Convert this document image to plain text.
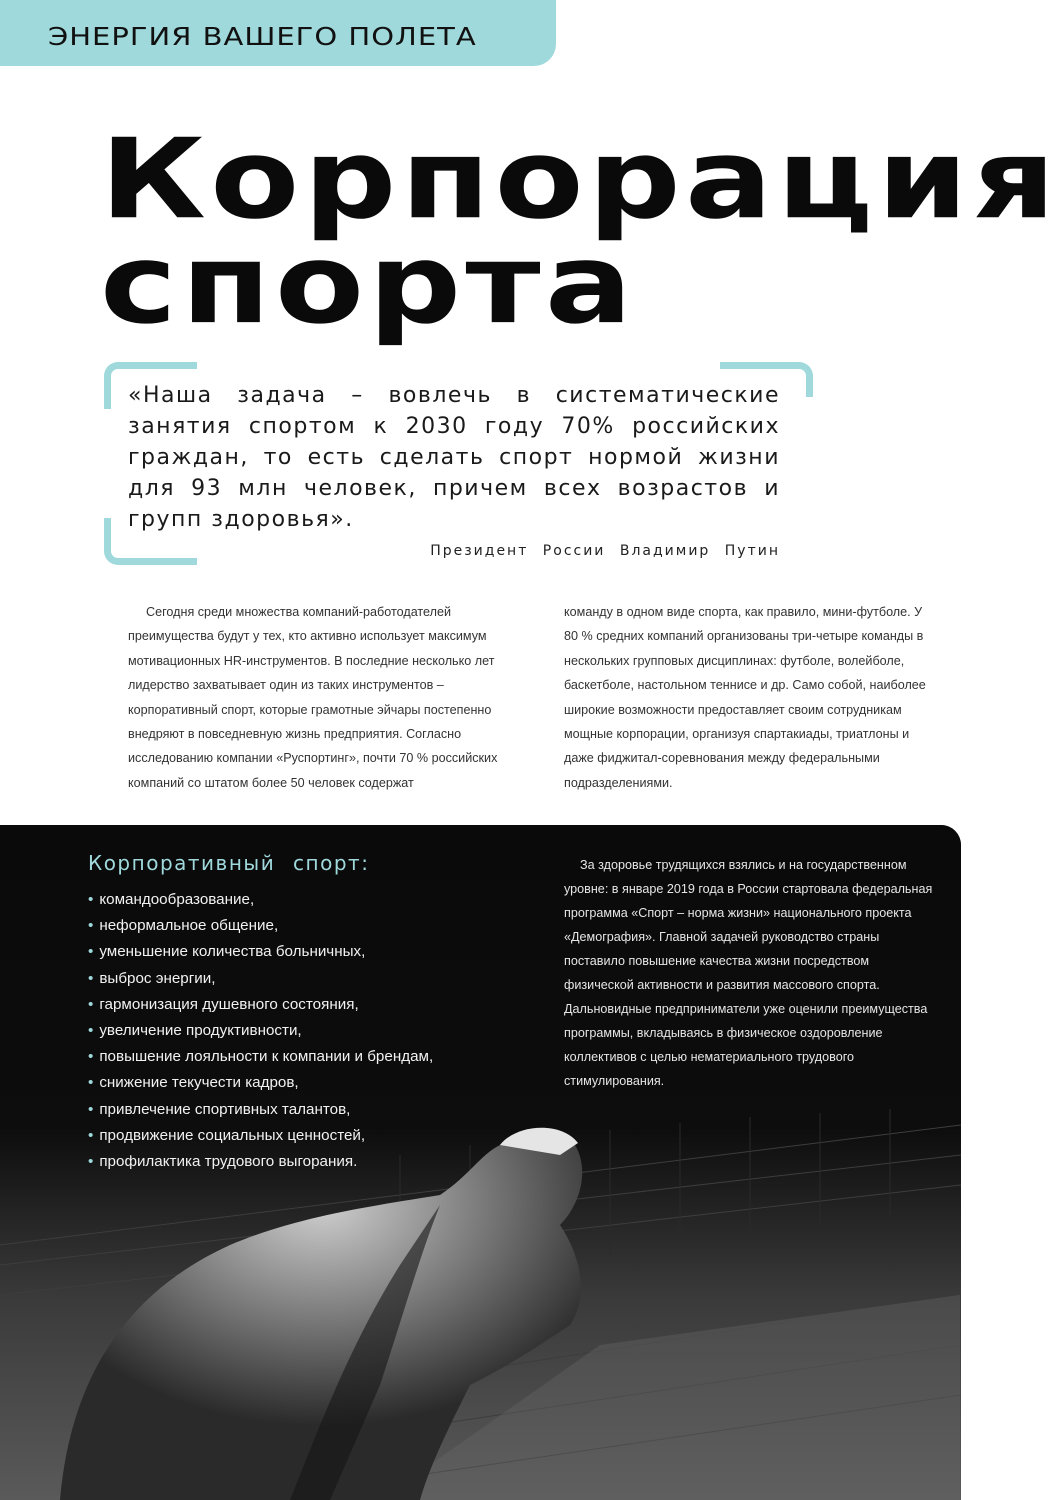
ЭНЕРГИЯ ВАШЕГО ПОЛЕТА
Корпорация
спорта

«Наша задача – вовлечь в систематические занятия спортом к 2030 году 70% российских граждан, то есть сделать спорт нормой жизни для 93 млн человек, причем всех возрастов и групп здоровья».

Президент России Владимир Путин

Сегодня среди множества компаний-работодателей преимущества будут у тех, кто активно использует максимум мотивационных HR-инструментов. В последние несколько лет лидерство захватывает один из таких инструментов – корпоративный спорт, которые грамотные эйчары постепенно внедряют в повседневную жизнь предприятия. Согласно исследованию компании «Руспортинг», почти 70 % российских компаний со штатом более 50 человек содержат

команду в одном виде спорта, как правило, мини-футболе. У 80 % средних компаний организованы три-четыре команды в нескольких групповых дисциплинах: футболе, волейболе, баскетболе, настольном теннисе и др. Само собой, наиболее широкие возможности предоставляет своим сотрудникам мощные корпорации, организуя спартакиады, триатлоны и даже фиджитал-соревнования между федеральными подразделениями.

Корпоративный спорт:
• командообразование,
• неформальное общение,
• уменьшение количества больничных,
• выброс энергии,
• гармонизация душевного состояния,
• увеличение продуктивности,
• повышение лояльности к компании и брендам,
• снижение текучести кадров,
• привлечение спортивных талантов,
• продвижение социальных ценностей,
• профилактика трудового выгорания.

За здоровье трудящихся взялись и на государственном уровне: в январе 2019 года в России стартовала федеральная программа «Спорт – норма жизни» национального проекта «Демография». Главной задачей руководство страны поставило повышение качества жизни посредством физической активности и развития массового спорта. Дальновидные предприниматели уже оценили преимущества программы, вкладываясь в физическое оздоровление коллективов с целью нематериального трудового стимулирования.
